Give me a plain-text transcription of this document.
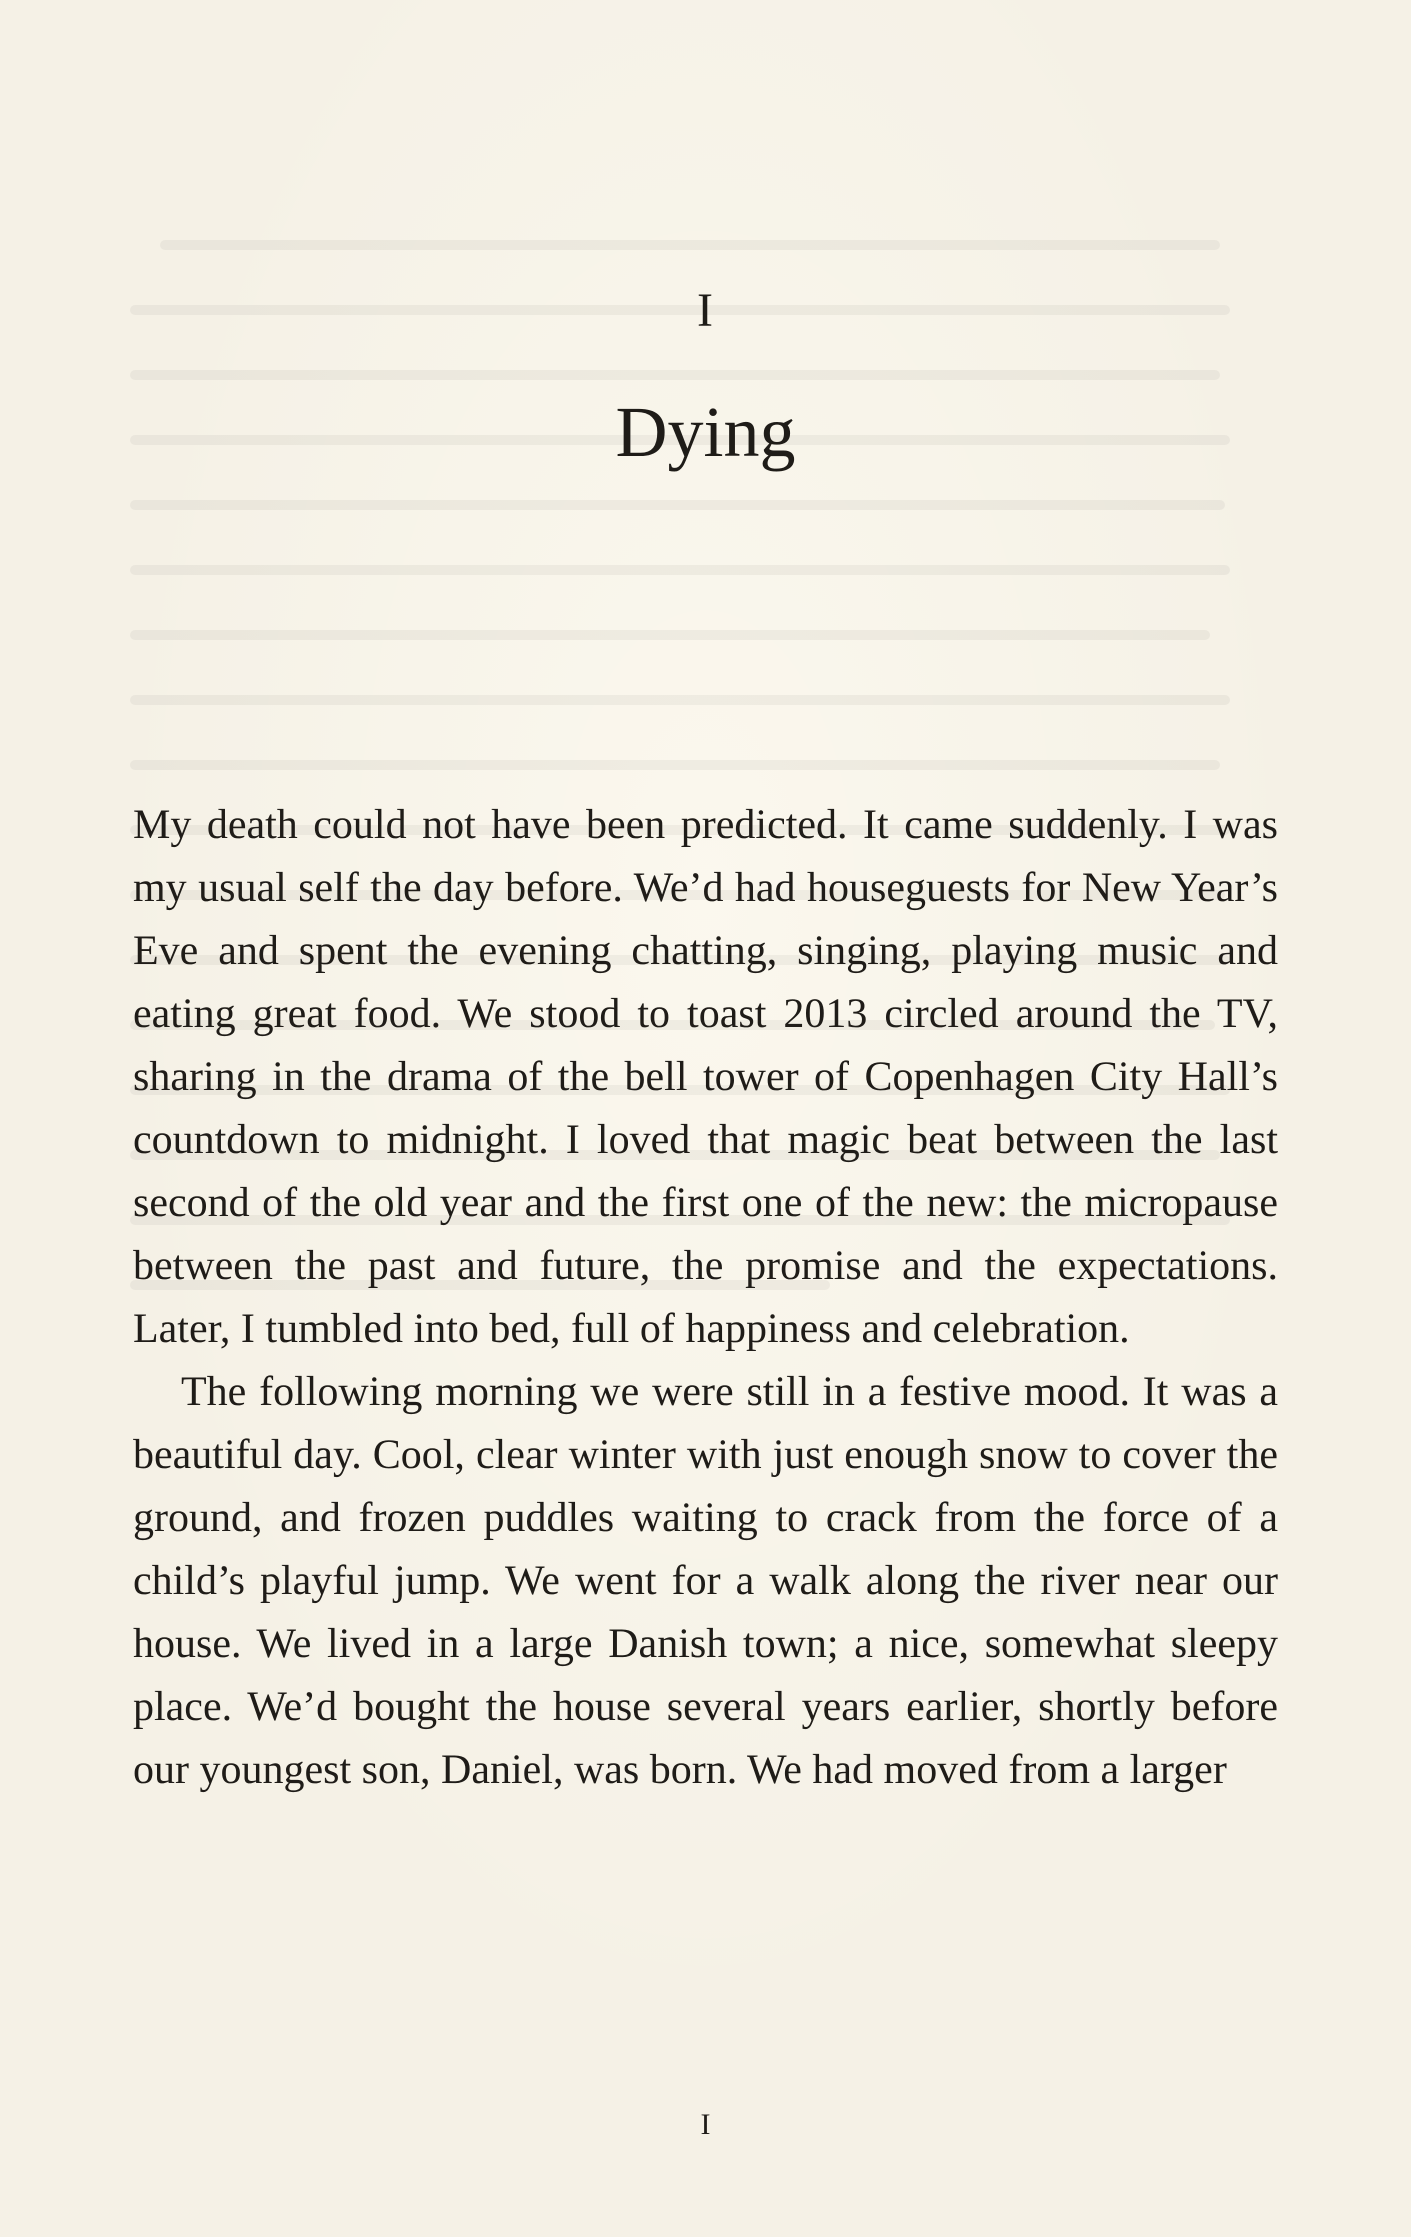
I
Dying

My death could not have been predicted. It came suddenly. I was my usual self the day before. We’d had houseguests for New Year’s Eve and spent the evening chatting, singing, playing music and eating great food. We stood to toast 2013 circled around the TV, sharing in the drama of the bell tower of Copenhagen City Hall’s countdown to midnight. I loved that magic beat between the last second of the old year and the first one of the new: the micropause between the past and future, the promise and the expectations. Later, I tumbled into bed, full of happiness and celebration.

The following morning we were still in a festive mood. It was a beautiful day. Cool, clear winter with just enough snow to cover the ground, and frozen puddles waiting to crack from the force of a child’s playful jump. We went for a walk along the river near our house. We lived in a large Danish town; a nice, somewhat sleepy place. We’d bought the house several years earlier, shortly before our youngest son, Daniel, was born. We had moved from a larger

I
